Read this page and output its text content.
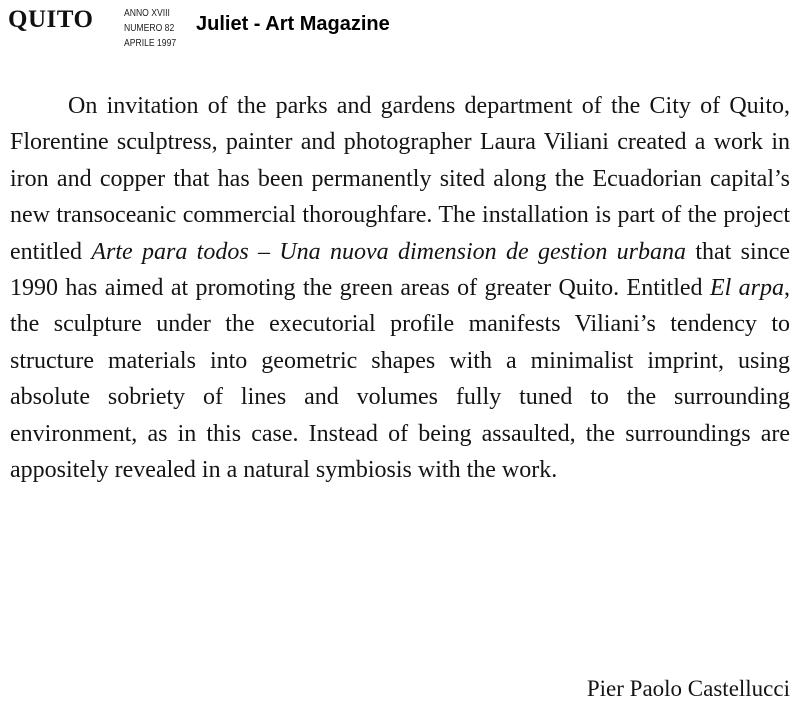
QUITO	ANNO XVIII
NUMERO 82
APRILE 1997
Juliet - Art Magazine

On invitation of the parks and gardens department of the City of Quito, Florentine sculptress, painter and photographer Laura Viliani created a work in iron and copper that has been permanently sited along the Ecuadorian capital’s new transoceanic commercial thoroughfare. The installation is part of the project entitled Arte para todos – Una nuova dimension de gestion urbana that since 1990 has aimed at promoting the green areas of greater Quito. Entitled El arpa, the sculpture under the executorial profile manifests Viliani’s tendency to structure materials into geometric shapes with a minimalist imprint, using absolute sobriety of lines and volumes fully tuned to the surrounding environment, as in this case. Instead of being assaulted, the surroundings are appositely revealed in a natural symbiosis with the work.

Pier Paolo Castellucci
